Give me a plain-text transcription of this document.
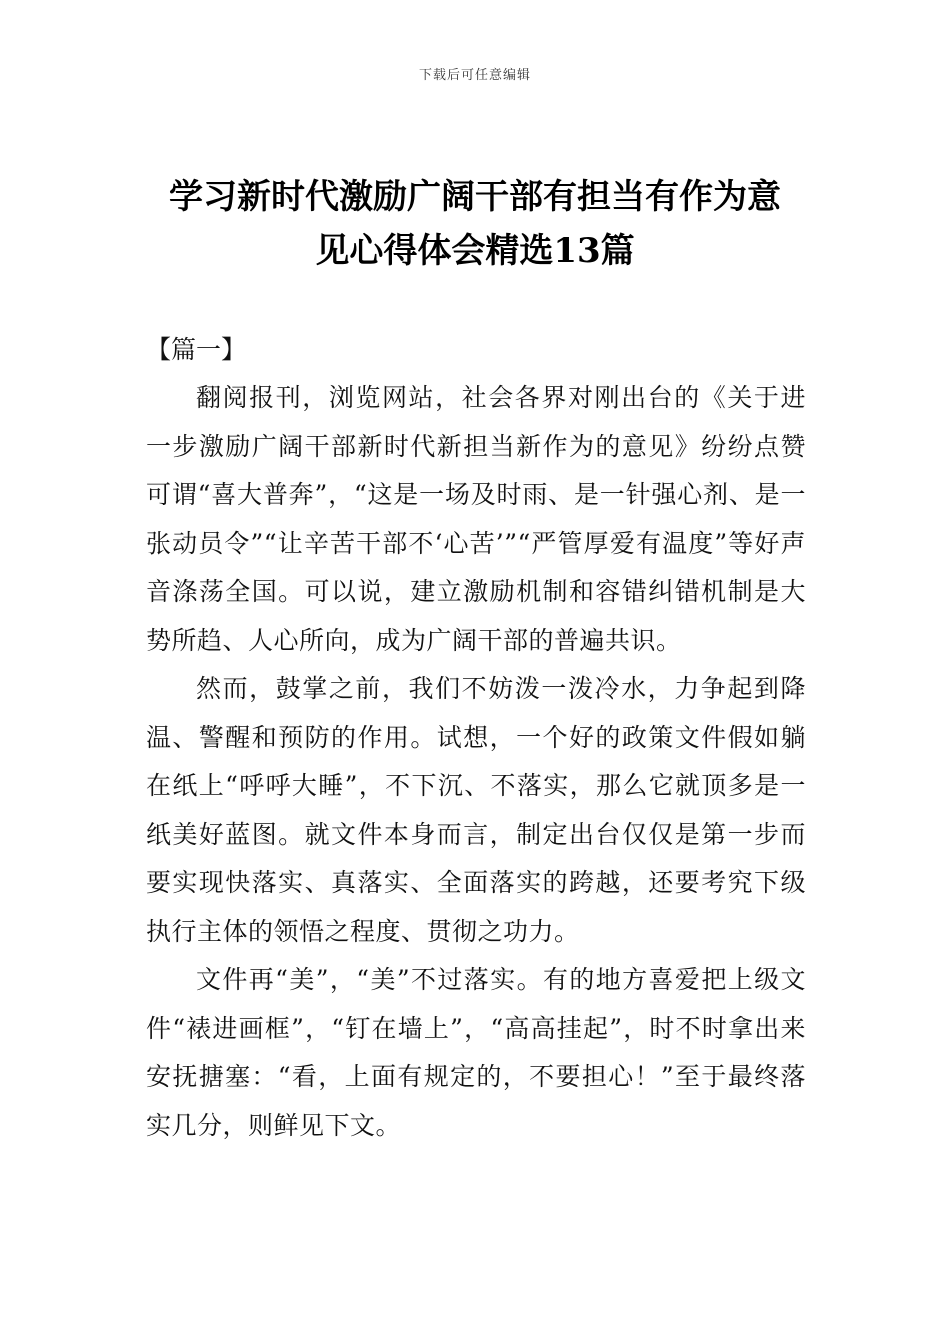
下载后可任意编辑
学习新时代激励广阔干部有担当有作为意
见心得体会精选13篇
【篇一】

翻阅报刊，浏览网站，社会各界对刚出台的《关于进一步激励广阔干部新时代新担当新作为的意见》纷纷点赞可谓“喜大普奔”，“这是一场及时雨、是一针强心剂、是一张动员令”“让辛苦干部不‘心苦’”“严管厚爱有温度”等好声音涤荡全国。可以说，建立激励机制和容错纠错机制是大势所趋、人心所向，成为广阔干部的普遍共识。

然而，鼓掌之前，我们不妨泼一泼冷水，力争起到降温、警醒和预防的作用。试想，一个好的政策文件假如躺在纸上“呼呼大睡”，不下沉、不落实，那么它就顶多是一纸美好蓝图。就文件本身而言，制定出台仅仅是第一步而要实现快落实、真落实、全面落实的跨越，还要考究下级执行主体的领悟之程度、贯彻之功力。

文件再“美”，“美”不过落实。有的地方喜爱把上级文件“裱进画框”，“钉在墙上”，“高高挂起”，时不时拿出来安抚搪塞：“看，上面有规定的，不要担心！”至于最终落实几分，则鲜见下文。
